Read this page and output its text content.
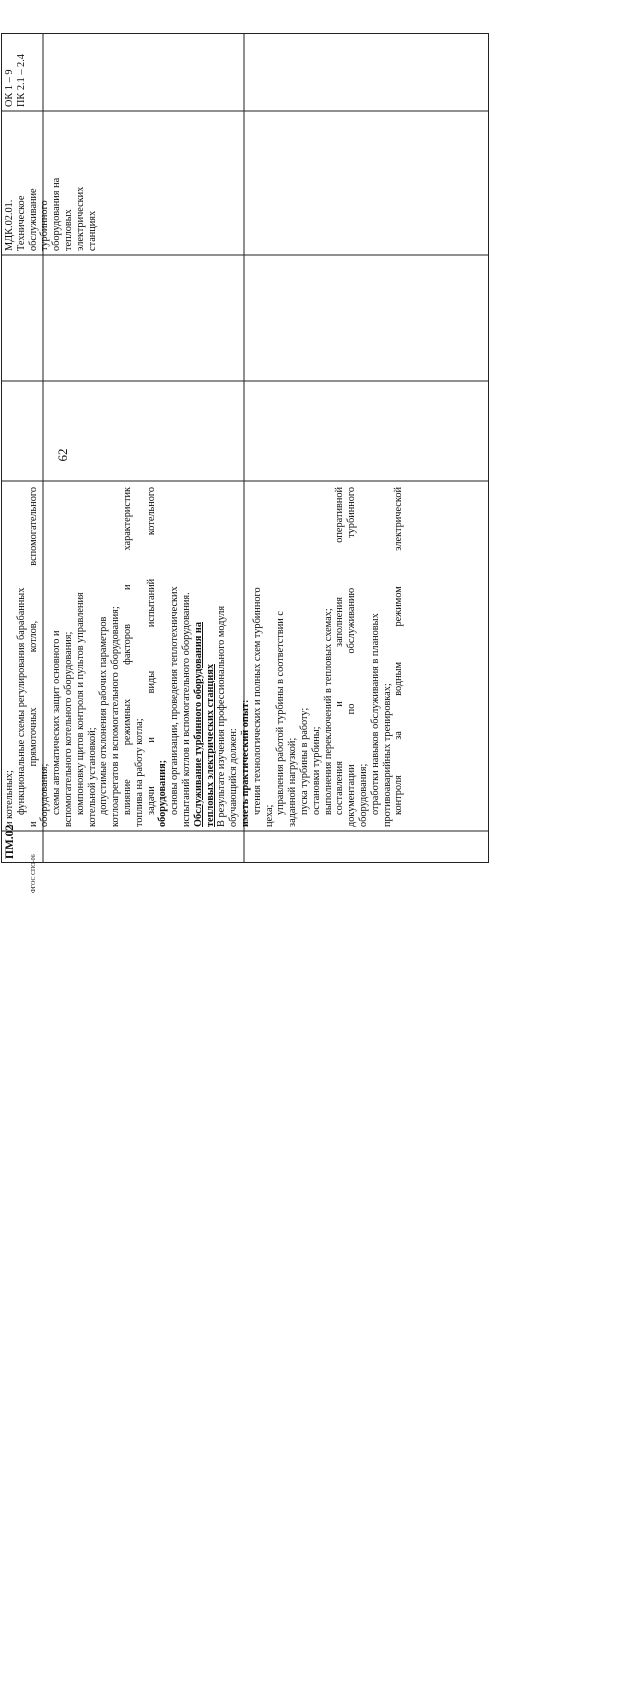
62
ФГОС СПО-06
ПМ.02
и котельных; функциональные схемы регулирования барабанных и прямоточных котлов, вспомогательного оборудования; схемы автоматических защит основного и вспомогательного котельного оборудования; компоновку щитов контроля и пультов управления котельной установкой; допустимые отклонения рабочих параметров котлоагрегатов и вспомогательного оборудования; влияние режимных факторов и характеристик топлива на работу котла; задачи и виды испытаний котельного оборудования; основы организации, проведения теплотехнических испытаний котлов и вспомогательного оборудования. Обслуживание турбинного оборудования на тепловых электрических станциях В результате изучения профессионального модуля обучающийся должен: иметь практический опыт: чтения технологических и полных схем турбинного
цеха;
управления работой турбины в соответствии с заданной нагрузкой; пуска турбины в работу; остановки турбины; выполнения переключений в тепловых схемах; составления и заполнения оперативной документации по обслуживанию турбинного оборудования; отработки навыков обслуживания в плановых противоаварийных тренировках; контроля за водным режимом электрической
МДК.02.01. Техническое обслуживание турбинного оборудования на тепловых электрических станциях
ОК 1 – 9 ПК 2.1 – 2.4
